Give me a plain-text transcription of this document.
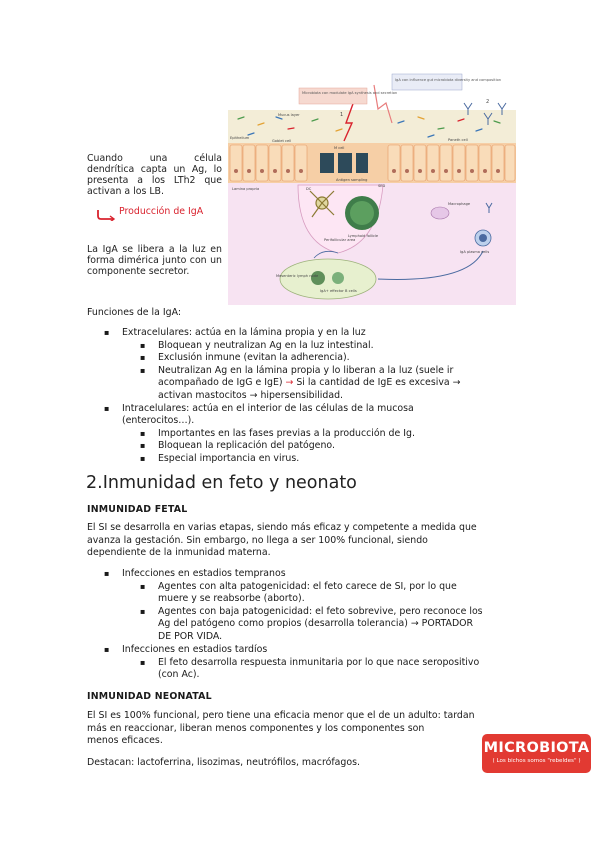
Microbiota can modulate IgA synthesis and secretion
IgA can influence gut microbiota diversity and composition
Mucus layer
Epithelium
Goblet cell
M cell
Paneth cell
Lamina propria	DC
Antigen sampling
SED
Lymphoid follicle
Macrophage
Perifollicular area
IgA plasma cells
Mesenteric lymph node
IgA+ effector B cells
1
2
Cuando una célula dendrítica capta un Ag, lo presenta a los LTh2 que activan a los LB.
Producción de IgA
La IgA se libera a la luz en forma dimérica junto con un componente secretor.
Funciones de la IgA:
▪ Extracelulares: actúa en la lámina propia y en la luz
▪ Bloquean y neutralizan Ag en la luz intestinal.
▪ Exclusión inmune (evitan la adherencia).
▪ Neutralizan Ag en la lámina propia y lo liberan a la luz (suele ir
acompañado de IgG e IgE) → Si la cantidad de IgE es excesiva →
activan mastocitos → hipersensibilidad.
▪ Intracelulares: actúa en el interior de las células de la mucosa
(enterocitos…).
▪ Importantes en las fases previas a la producción de Ig.
▪ Bloquean la replicación del patógeno.
▪ Especial importancia en virus.
2.Inmunidad en feto y neonato
INMUNIDAD FETAL
El SI se desarrolla en varias etapas, siendo más eficaz y competente a medida que
avanza la gestación. Sin embargo, no llega a ser 100% funcional, siendo
dependiente de la inmunidad materna.
▪ Infecciones en estadios tempranos
▪ Agentes con alta patogenicidad: el feto carece de SI, por lo que
muere y se reabsorbe (aborto).
▪ Agentes con baja patogenicidad: el feto sobrevive, pero reconoce los
Ag del patógeno como propios (desarrolla tolerancia) → PORTADOR
DE POR VIDA.
▪ Infecciones en estadios tardíos
▪ El feto desarrolla respuesta inmunitaria por lo que nace seropositivo
(con Ac).
INMUNIDAD NEONATAL
El SI es 100% funcional, pero tiene una eficacia menor que el de un adulto: tardan
más en reaccionar, liberan menos componentes y los componentes son
menos eficaces.
Destacan: lactoferrina, lisozimas, neutrófilos, macrófagos.
MICROBIOTA
( Los bichos somos "rebeldes" )
